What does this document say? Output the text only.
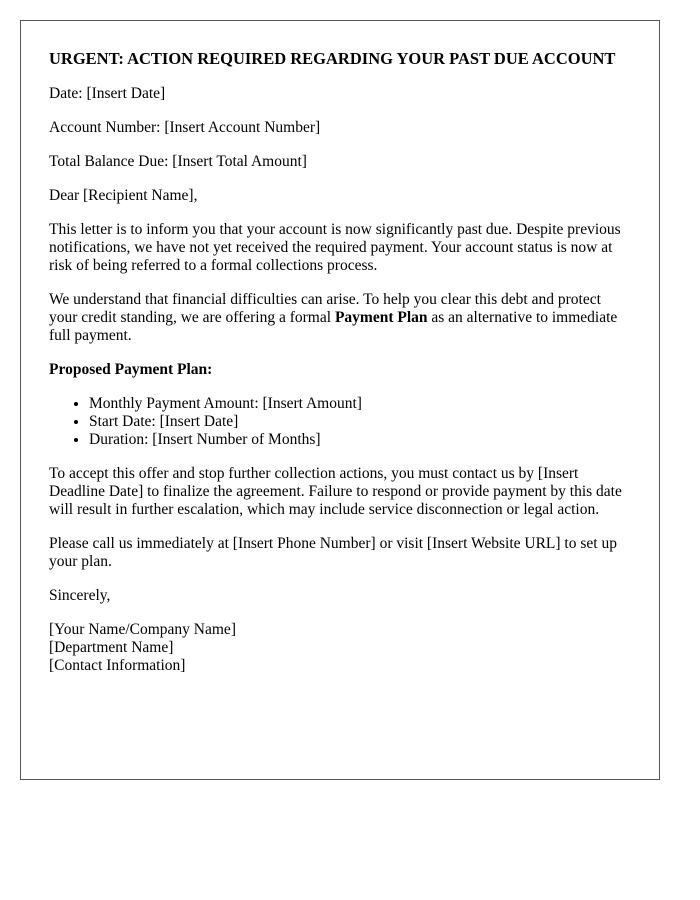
URGENT: ACTION REQUIRED REGARDING YOUR PAST DUE ACCOUNT

Date: [Insert Date]

Account Number: [Insert Account Number]

Total Balance Due: [Insert Total Amount]

Dear [Recipient Name],

This letter is to inform you that your account is now significantly past due. Despite previous notifications, we have not yet received the required payment. Your account status is now at risk of being referred to a formal collections process.

We understand that financial difficulties can arise. To help you clear this debt and protect your credit standing, we are offering a formal Payment Plan as an alternative to immediate full payment.

Proposed Payment Plan:

• Monthly Payment Amount: [Insert Amount]
• Start Date: [Insert Date]
• Duration: [Insert Number of Months]

To accept this offer and stop further collection actions, you must contact us by [Insert Deadline Date] to finalize the agreement. Failure to respond or provide payment by this date will result in further escalation, which may include service disconnection or legal action.

Please call us immediately at [Insert Phone Number] or visit [Insert Website URL] to set up your plan.

Sincerely,

[Your Name/Company Name]

[Department Name]

[Contact Information]
